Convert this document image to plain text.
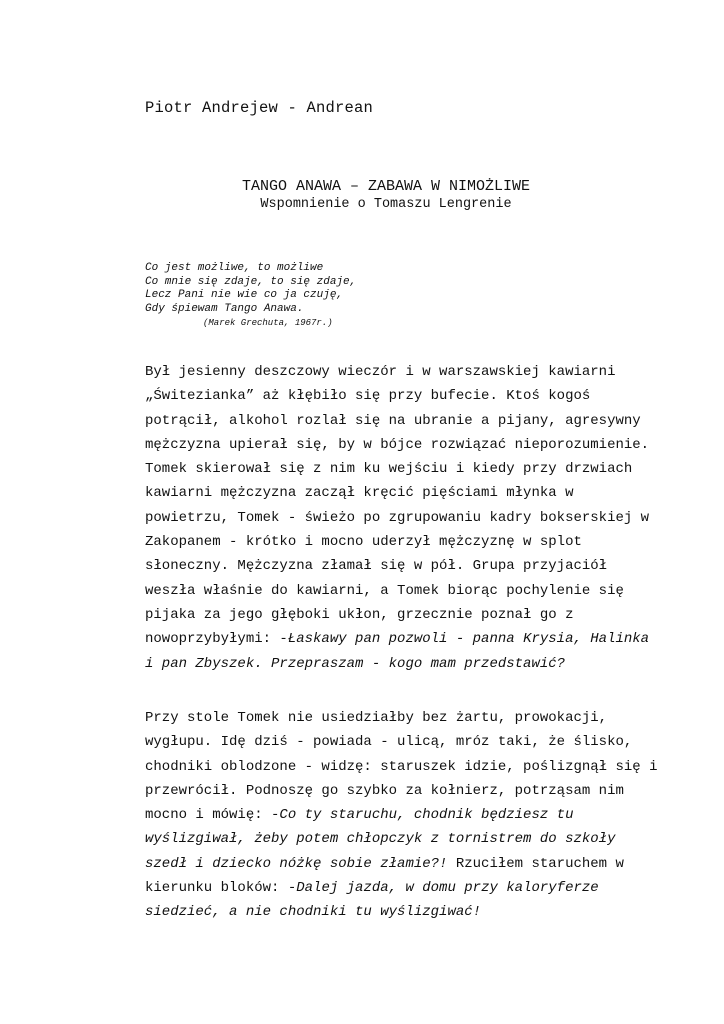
Piotr Andrejew - Andrean
TANGO ANAWA – ZABAWA W NIMOŻLIWE
Wspomnienie o Tomaszu Lengrenie
Co jest możliwe, to możliwe
Co mnie się zdaje, to się zdaje,
Lecz Pani nie wie co ja czuję,
Gdy śpiewam Tango Anawa.
(Marek Grechuta, 1967r.)
Był jesienny deszczowy wieczór i w warszawskiej kawiarni
„Świtezianka” aż kłębiło się przy bufecie. Ktoś kogoś
potrącił, alkohol rozlał się na ubranie a pijany, agresywny
mężczyzna upierał się, by w bójce rozwiązać nieporozumienie.
Tomek skierował się z nim ku wejściu i kiedy przy drzwiach
kawiarni mężczyzna zaczął kręcić pięściami młynka w
powietrzu, Tomek - świeżo po zgrupowaniu kadry bokserskiej w
Zakopanem - krótko i mocno uderzył mężczyznę w splot
słoneczny. Mężczyzna złamał się w pół. Grupa przyjaciół
weszła właśnie do kawiarni, a Tomek biorąc pochylenie się
pijaka za jego głęboki ukłon, grzecznie poznał go z
nowoprzybyłymi: -Łaskawy pan pozwoli - panna Krysia, Halinka
i pan Zbyszek. Przepraszam - kogo mam przedstawić?
Przy stole Tomek nie usiedziałby bez żartu, prowokacji,
wygłupu. Idę dziś - powiada - ulicą, mróz taki, że ślisko,
chodniki oblodzone - widzę: staruszek idzie, poślizgnął się i
przewrócił. Podnoszę go szybko za kołnierz, potrząsam nim
mocno i mówię: -Co ty staruchu, chodnik będziesz tu
wyślizgiwał, żeby potem chłopczyk z tornistrem do szkoły
szedł i dziecko nóżkę sobie złamie?! Rzuciłem staruchem w
kierunku bloków: -Dalej jazda, w domu przy kaloryferze
siedzieć, a nie chodniki tu wyślizgiwać!
